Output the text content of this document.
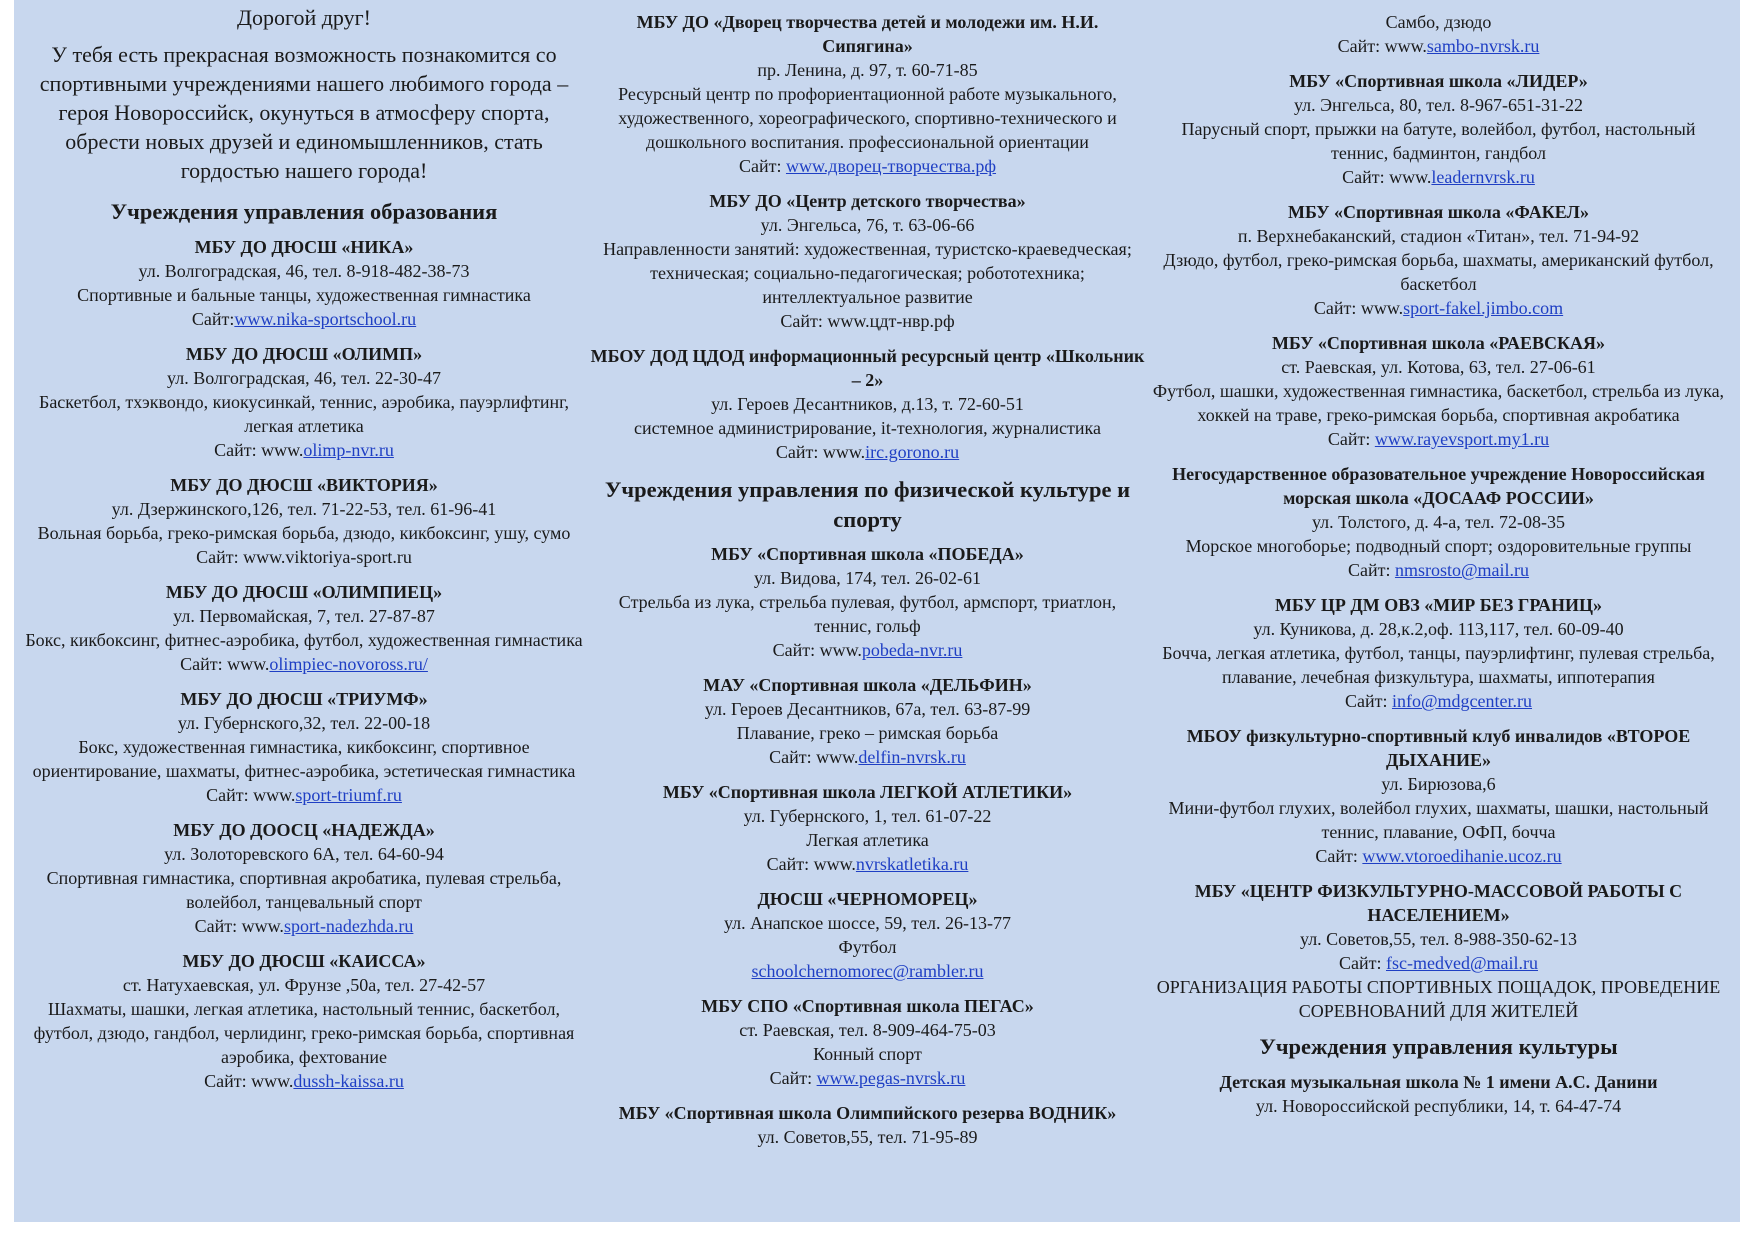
Дорогой друг!

У тебя есть прекрасная возможность познакомится со спортивными учреждениями нашего любимого города – героя Новороссийск, окунуться в атмосферу спорта, обрести новых друзей и единомышленников, стать гордостью нашего города!

Учреждения управления образования
МБУ ДО ДЮСШ «НИКА»
ул. Волгоградская, 46, тел. 8-918-482-38-73
Спортивные и бальные танцы, художественная гимнастика
Сайт:www.nika-sportschool.ru
МБУ ДО ДЮСШ «ОЛИМП»
ул. Волгоградская, 46, тел. 22-30-47
Баскетбол, тхэквондо, киокусинкай, теннис, аэробика, пауэрлифтинг, легкая атлетика
Сайт: www.olimp-nvr.ru
МБУ ДО ДЮСШ «ВИКТОРИЯ»
ул. Дзержинского,126, тел. 71-22-53, тел. 61-96-41
Вольная борьба, греко-римская борьба, дзюдо, кикбоксинг, ушу, сумо
Сайт: www.viktoriya-sport.ru
МБУ ДО ДЮСШ «ОЛИМПИЕЦ»
ул. Первомайская, 7, тел. 27-87-87
Бокс, кикбоксинг, фитнес-аэробика, футбол, художественная гимнастика
Сайт: www.olimpiec-novoross.ru/
МБУ ДО ДЮСШ «ТРИУМФ»
ул. Губернского,32, тел. 22-00-18
Бокс, художественная гимнастика, кикбоксинг, спортивное ориентирование, шахматы, фитнес-аэробика, эстетическая гимнастика
Сайт: www.sport-triumf.ru
МБУ ДО ДООСЦ «НАДЕЖДА»
ул. Золоторевского 6А, тел. 64-60-94
Спортивная гимнастика, спортивная акробатика, пулевая стрельба, волейбол, танцевальный спорт
Сайт: www.sport-nadezhda.ru
МБУ ДО ДЮСШ «КАИССА»
ст. Натухаевская, ул. Фрунзе ,50а, тел. 27-42-57
Шахматы, шашки, легкая атлетика, настольный теннис, баскетбол, футбол, дзюдо, гандбол, черлидинг, греко-римская борьба, спортивная аэробика, фехтование
Сайт: www.dussh-kaissa.ru
МБУ ДО «Дворец творчества детей и молодежи им. Н.И. Сипягина»
пр. Ленина, д. 97, т. 60-71-85
Ресурсный центр по профориентационной работе музыкального, художественного, хореографического, спортивно-технического и дошкольного воспитания. профессиональной ориентации
Сайт: www.дворец-творчества.рф
МБУ ДО «Центр детского творчества»
ул. Энгельса, 76, т. 63-06-66
Направленности занятий: художественная, туристско-краеведческая; техническая; социально-педагогическая; робототехника; интеллектуальное развитие
Сайт: www.цдт-нвр.рф
МБОУ ДОД ЦДОД информационный ресурсный центр «Школьник – 2»
ул. Героев Десантников, д.13, т. 72-60-51
системное администрирование, it-технология, журналистика
Сайт: www.irc.gorono.ru
Учреждения управления по физической культуре и спорту
МБУ «Спортивная школа «ПОБЕДА»
ул. Видова, 174, тел. 26-02-61
Стрельба из лука, стрельба пулевая, футбол, армспорт, триатлон, теннис, гольф
Сайт: www.pobeda-nvr.ru
МАУ «Спортивная школа «ДЕЛЬФИН»
ул. Героев Десантников, 67а, тел. 63-87-99
Плавание, греко – римская борьба
Сайт: www.delfin-nvrsk.ru
МБУ «Спортивная школа ЛЕГКОЙ АТЛЕТИКИ»
ул. Губернского, 1, тел. 61-07-22
Легкая атлетика
Сайт: www.nvrskatletika.ru
ДЮСШ «ЧЕРНОМОРЕЦ»
ул. Анапское шоссе, 59, тел. 26-13-77
Футбол
schoolchernomorec@rambler.ru
МБУ СПО «Спортивная школа ПЕГАС»
ст. Раевская, тел. 8-909-464-75-03
Конный спорт
Сайт: www.pegas-nvrsk.ru
МБУ «Спортивная школа Олимпийского резерва ВОДНИК»
ул. Советов,55, тел. 71-95-89
Самбо, дзюдо
Сайт: www.sambo-nvrsk.ru
МБУ «Спортивная школа «ЛИДЕР»
ул. Энгельса, 80, тел. 8-967-651-31-22
Парусный спорт, прыжки на батуте, волейбол, футбол, настольный теннис, бадминтон, гандбол
Сайт: www.leadernvrsk.ru
МБУ «Спортивная школа «ФАКЕЛ»
п. Верхнебаканский, стадион «Титан», тел. 71-94-92
Дзюдо, футбол, греко-римская борьба, шахматы, американский футбол, баскетбол
Сайт: www.sport-fakel.jimbo.com
МБУ «Спортивная школа «РАЕВСКАЯ»
ст. Раевская, ул. Котова, 63, тел. 27-06-61
Футбол, шашки, художественная гимнастика, баскетбол, стрельба из лука, хоккей на траве, греко-римская борьба, спортивная акробатика
Сайт: www.rayevsport.my1.ru
Негосударственное образовательное учреждение Новороссийская морская школа «ДОСААФ РОССИИ»
ул. Толстого, д. 4-а, тел. 72-08-35
Морское многоборье; подводный спорт; оздоровительные группы
Сайт: nmsrosto@mail.ru
МБУ ЦР ДМ ОВЗ «МИР БЕЗ ГРАНИЦ»
ул. Куникова, д. 28,к.2,оф. 113,117, тел. 60-09-40
Бочча, легкая атлетика, футбол, танцы, пауэрлифтинг, пулевая стрельба, плавание, лечебная физкультура, шахматы, иппотерапия
Сайт: info@mdgcenter.ru
МБОУ физкультурно-спортивный клуб инвалидов «ВТОРОЕ ДЫХАНИЕ»
ул. Бирюзова,6
Мини-футбол глухих, волейбол глухих, шахматы, шашки, настольный теннис, плавание, ОФП, бочча
Сайт: www.vtoroedihanie.ucoz.ru
МБУ «ЦЕНТР ФИЗКУЛЬТУРНО-МАССОВОЙ РАБОТЫ С НАСЕЛЕНИЕМ»
ул. Советов,55, тел. 8-988-350-62-13
Сайт: fsc-medved@mail.ru
ОРГАНИЗАЦИЯ РАБОТЫ СПОРТИВНЫХ ПОЩАДОК, ПРОВЕДЕНИЕ СОРЕВНОВАНИЙ ДЛЯ ЖИТЕЛЕЙ
Учреждения управления культуры
Детская музыкальная школа № 1 имени А.С. Данини
ул. Новороссийской республики, 14, т. 64-47-74
